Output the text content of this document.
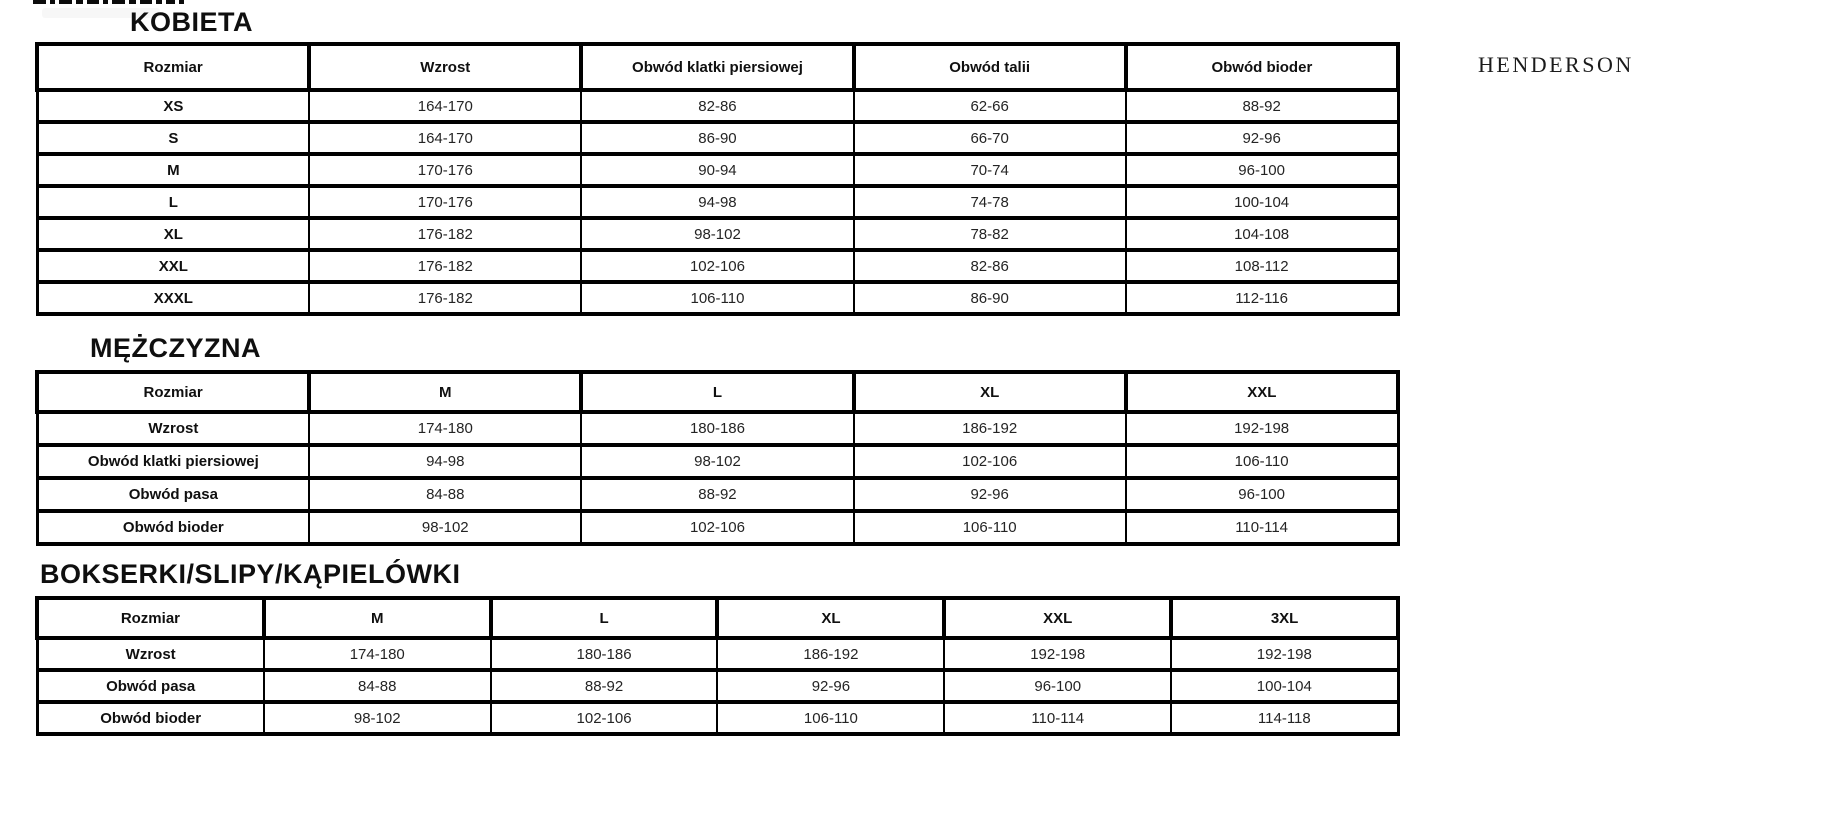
HENDERSON
KOBIETA
Rozmiar	Wzrost	Obwód klatki piersiowej	Obwód talii	Obwód bioder
XS	164-170	82-86	62-66	88-92
S	164-170	86-90	66-70	92-96
M	170-176	90-94	70-74	96-100
L	170-176	94-98	74-78	100-104
XL	176-182	98-102	78-82	104-108
XXL	176-182	102-106	82-86	108-112
XXXL	176-182	106-110	86-90	112-116
MĘŻCZYZNA
Rozmiar	M	L	XL	XXL
Wzrost	174-180	180-186	186-192	192-198
Obwód klatki piersiowej	94-98	98-102	102-106	106-110
Obwód pasa	84-88	88-92	92-96	96-100
Obwód bioder	98-102	102-106	106-110	110-114
BOKSERKI/SLIPY/KĄPIELÓWKI
Rozmiar	M	L	XL	XXL	3XL
Wzrost	174-180	180-186	186-192	192-198	192-198
Obwód pasa	84-88	88-92	92-96	96-100	100-104
Obwód bioder	98-102	102-106	106-110	110-114	114-118
